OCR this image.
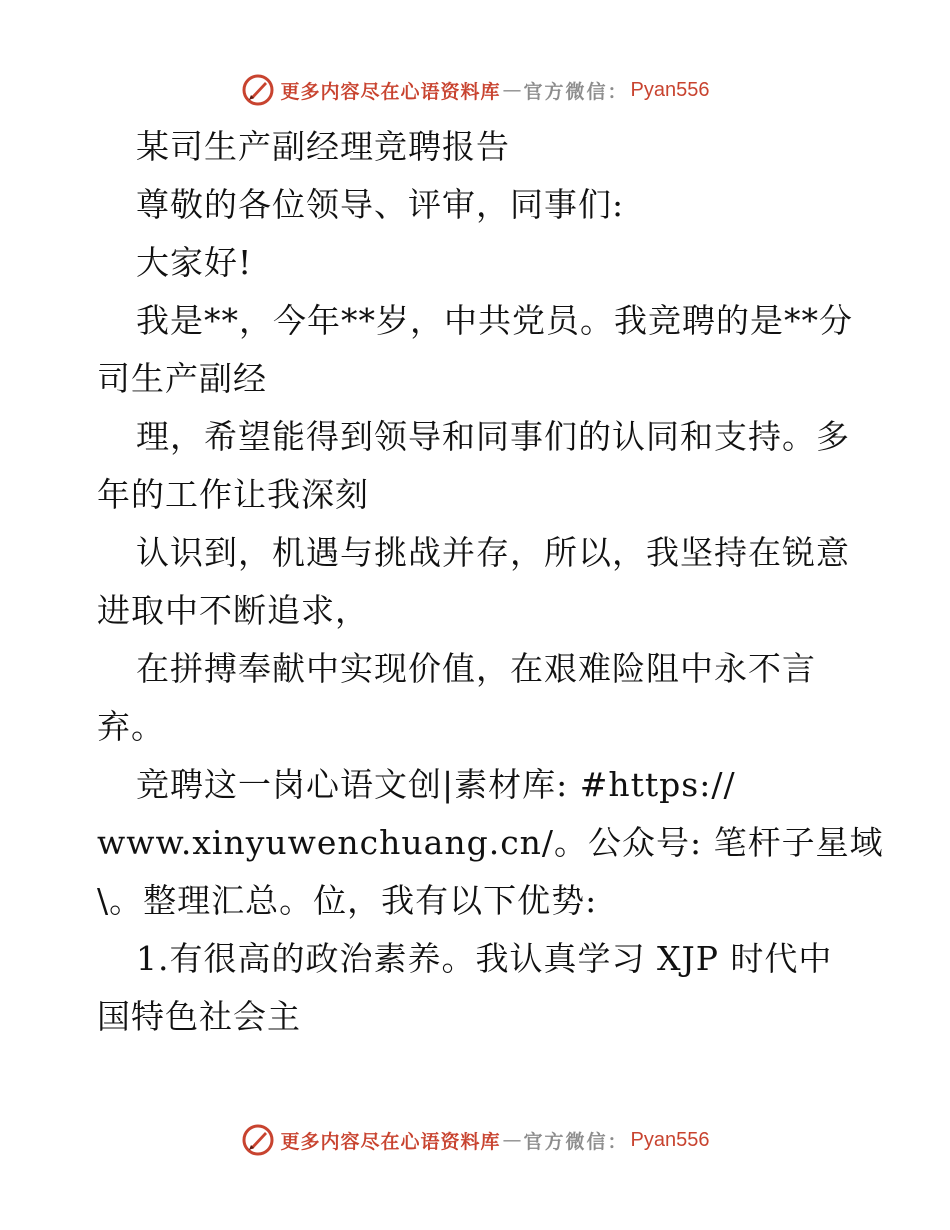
更多内容尽在心语资料库 — 官方微信： Pyan556
某司生产副经理竞聘报告
尊敬的各位领导、评审，同事们:
大家好!
我是**，今年**岁，中共党员。我竞聘的是**分
司生产副经
理，希望能得到领导和同事们的认同和支持。多
年的工作让我深刻
认识到，机遇与挑战并存，所以，我坚持在锐意
进取中不断追求，
在拼搏奉献中实现价值，在艰难险阻中永不言
弃。
竞聘这一岗心语文创|素材库: #https://
www.xinyuwenchuang.cn/。公众号: 笔杆子星域
\。整理汇总。位，我有以下优势:
1.有很高的政治素养。我认真学习 XJP 时代中
国特色社会主
更多内容尽在心语资料库 — 官方微信： Pyan556
